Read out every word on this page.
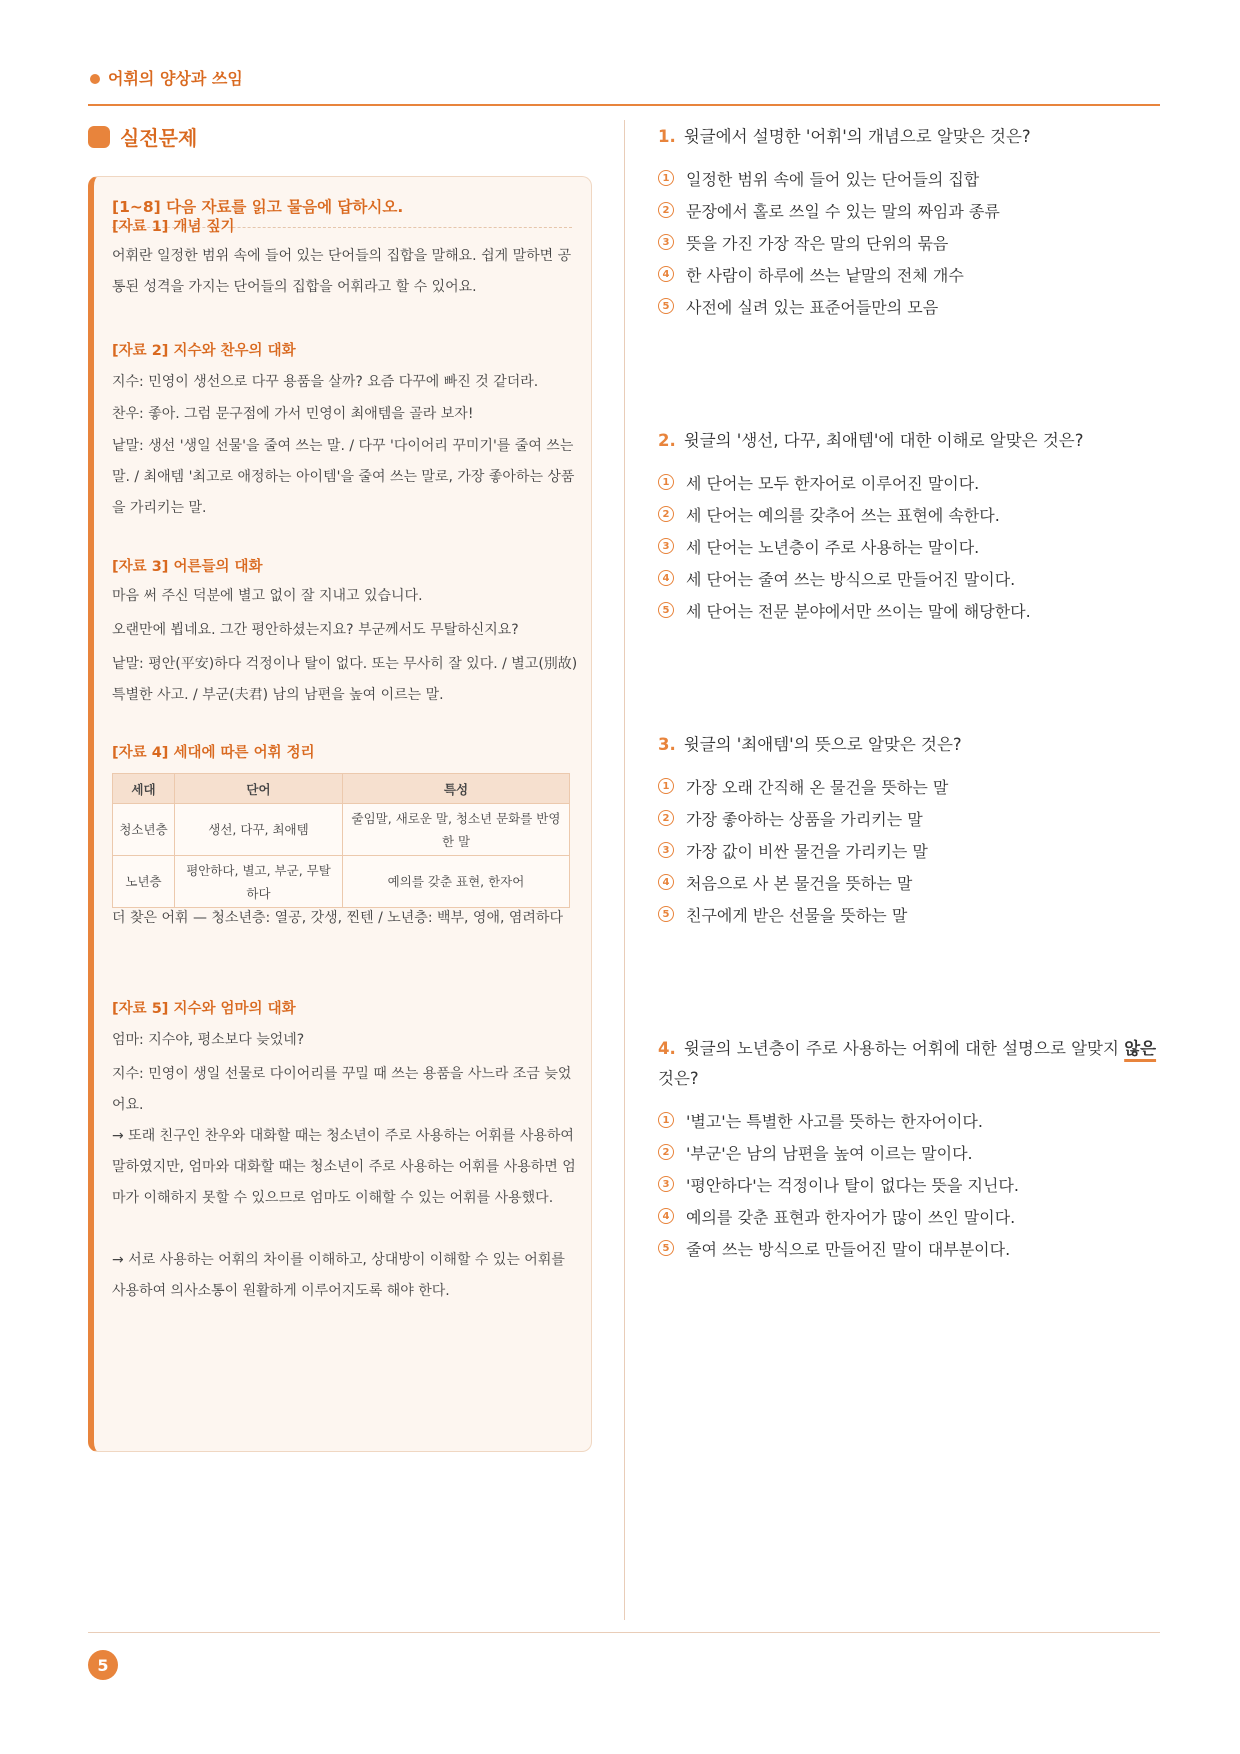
어휘의 양상과 쓰임
실전문제
[1~8] 다음 자료를 읽고 물음에 답하시오.
[자료 1] 개념 짚기
어휘란 일정한 범위 속에 들어 있는 단어들의 집합을 말해요. 쉽게 말하면 공통된 성격을 가지는 단어들의 집합을 어휘라고 할 수 있어요.
[자료 2] 지수와 찬우의 대화
지수: 민영이 생선으로 다꾸 용품을 살까? 요즘 다꾸에 빠진 것 같더라.
찬우: 좋아. 그럼 문구점에 가서 민영이 최애템을 골라 보자!
낱말: 생선 '생일 선물'을 줄여 쓰는 말. / 다꾸 '다이어리 꾸미기'를 줄여 쓰는 말. / 최애템 '최고로 애정하는 아이템'을 줄여 쓰는 말로, 가장 좋아하는 상품을 가리키는 말.
[자료 3] 어른들의 대화
마음 써 주신 덕분에 별고 없이 잘 지내고 있습니다.
오랜만에 뵙네요. 그간 평안하셨는지요? 부군께서도 무탈하신지요?
낱말: 평안(平安)하다 걱정이나 탈이 없다. 또는 무사히 잘 있다. / 별고(別故) 특별한 사고. / 부군(夫君) 남의 남편을 높여 이르는 말.
[자료 4] 세대에 따른 어휘 정리
세대	단어	특성
청소년층	생선, 다꾸, 최애템	줄임말, 새로운 말, 청소년 문화를 반영한 말
노년층	평안하다, 별고, 부군, 무탈하다	예의를 갖춘 표현, 한자어
더 찾은 어휘 — 청소년층: 열공, 갓생, 찐텐 / 노년층: 백부, 영애, 염려하다
[자료 5] 지수와 엄마의 대화
엄마: 지수야, 평소보다 늦었네?
지수: 민영이 생일 선물로 다이어리를 꾸밀 때 쓰는 용품을 사느라 조금 늦었어요.
→ 또래 친구인 찬우와 대화할 때는 청소년이 주로 사용하는 어휘를 사용하여 말하였지만, 엄마와 대화할 때는 청소년이 주로 사용하는 어휘를 사용하면 엄마가 이해하지 못할 수 있으므로 엄마도 이해할 수 있는 어휘를 사용했다.
→ 서로 사용하는 어휘의 차이를 이해하고, 상대방이 이해할 수 있는 어휘를 사용하여 의사소통이 원활하게 이루어지도록 해야 한다.
1. 윗글에서 설명한 '어휘'의 개념으로 알맞은 것은?
1 일정한 범위 속에 들어 있는 단어들의 집합
2 문장에서 홀로 쓰일 수 있는 말의 짜임과 종류
3 뜻을 가진 가장 작은 말의 단위의 묶음
4 한 사람이 하루에 쓰는 낱말의 전체 개수
5 사전에 실려 있는 표준어들만의 모음
2. 윗글의 '생선, 다꾸, 최애템'에 대한 이해로 알맞은 것은?
1 세 단어는 모두 한자어로 이루어진 말이다.
2 세 단어는 예의를 갖추어 쓰는 표현에 속한다.
3 세 단어는 노년층이 주로 사용하는 말이다.
4 세 단어는 줄여 쓰는 방식으로 만들어진 말이다.
5 세 단어는 전문 분야에서만 쓰이는 말에 해당한다.
3. 윗글의 '최애템'의 뜻으로 알맞은 것은?
1 가장 오래 간직해 온 물건을 뜻하는 말
2 가장 좋아하는 상품을 가리키는 말
3 가장 값이 비싼 물건을 가리키는 말
4 처음으로 사 본 물건을 뜻하는 말
5 친구에게 받은 선물을 뜻하는 말
4. 윗글의 노년층이 주로 사용하는 어휘에 대한 설명으로 알맞지 않은 것은?
1 '별고'는 특별한 사고를 뜻하는 한자어이다.
2 '부군'은 남의 남편을 높여 이르는 말이다.
3 '평안하다'는 걱정이나 탈이 없다는 뜻을 지닌다.
4 예의를 갖춘 표현과 한자어가 많이 쓰인 말이다.
5 줄여 쓰는 방식으로 만들어진 말이 대부분이다.
5
